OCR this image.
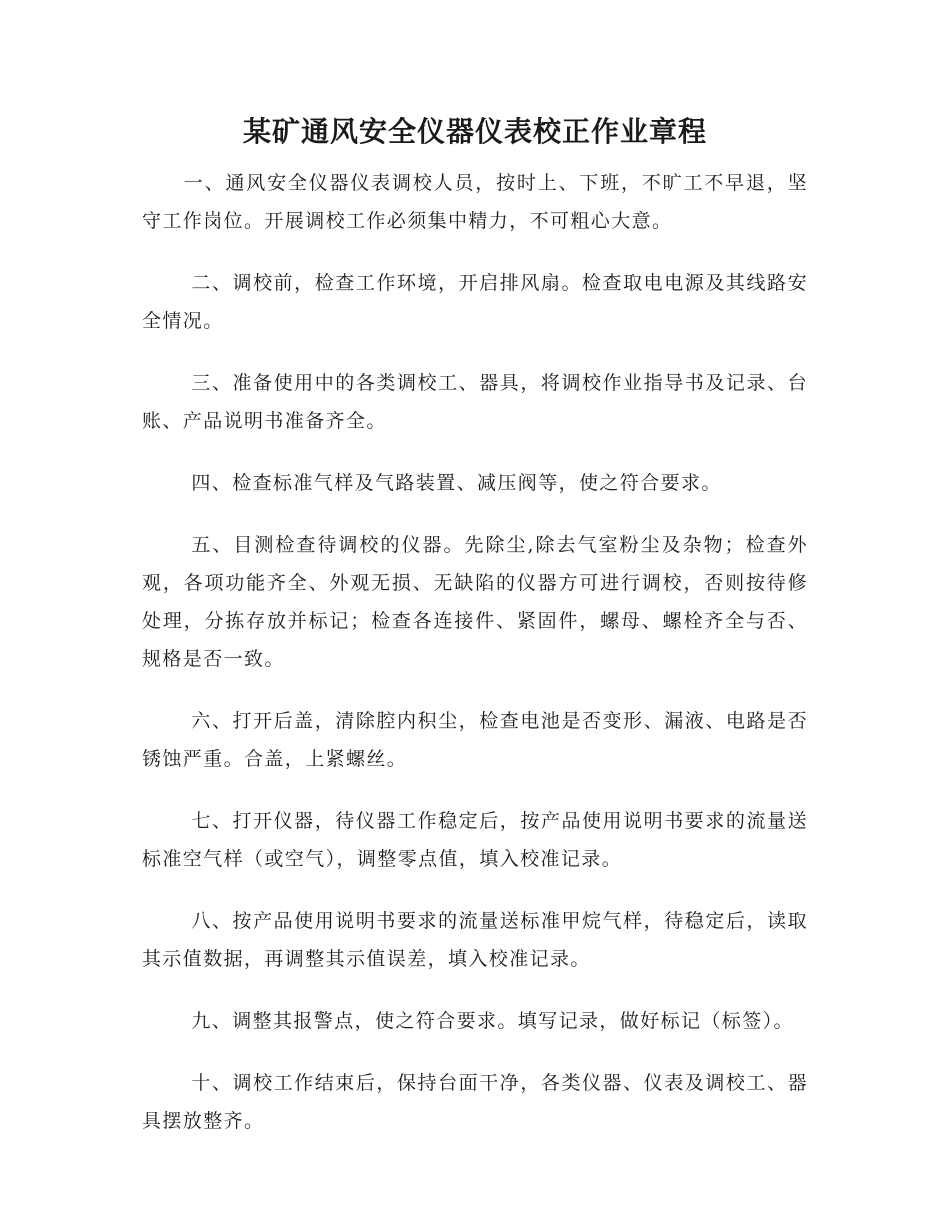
某矿通风安全仪器仪表校正作业章程

一、通风安全仪器仪表调校人员，按时上、下班，不旷工不早退，坚守工作岗位。开展调校工作必须集中精力，不可粗心大意。

二、调校前，检查工作环境，开启排风扇。检查取电电源及其线路安全情况。

三、准备使用中的各类调校工、器具，将调校作业指导书及记录、台账、产品说明书准备齐全。

四、检查标准气样及气路装置、减压阀等，使之符合要求。

五、目测检查待调校的仪器。先除尘,除去气室粉尘及杂物；检查外观，各项功能齐全、外观无损、无缺陷的仪器方可进行调校，否则按待修处理，分拣存放并标记；检查各连接件、紧固件，螺母、螺栓齐全与否、规格是否一致。

六、打开后盖，清除腔内积尘，检查电池是否变形、漏液、电路是否锈蚀严重。合盖，上紧螺丝。

七、打开仪器，待仪器工作稳定后，按产品使用说明书要求的流量送标准空气样（或空气），调整零点值，填入校准记录。

八、按产品使用说明书要求的流量送标准甲烷气样，待稳定后，读取其示值数据，再调整其示值误差，填入校准记录。

九、调整其报警点，使之符合要求。填写记录，做好标记（标签）。

十、调校工作结束后，保持台面干净，各类仪器、仪表及调校工、器具摆放整齐。
